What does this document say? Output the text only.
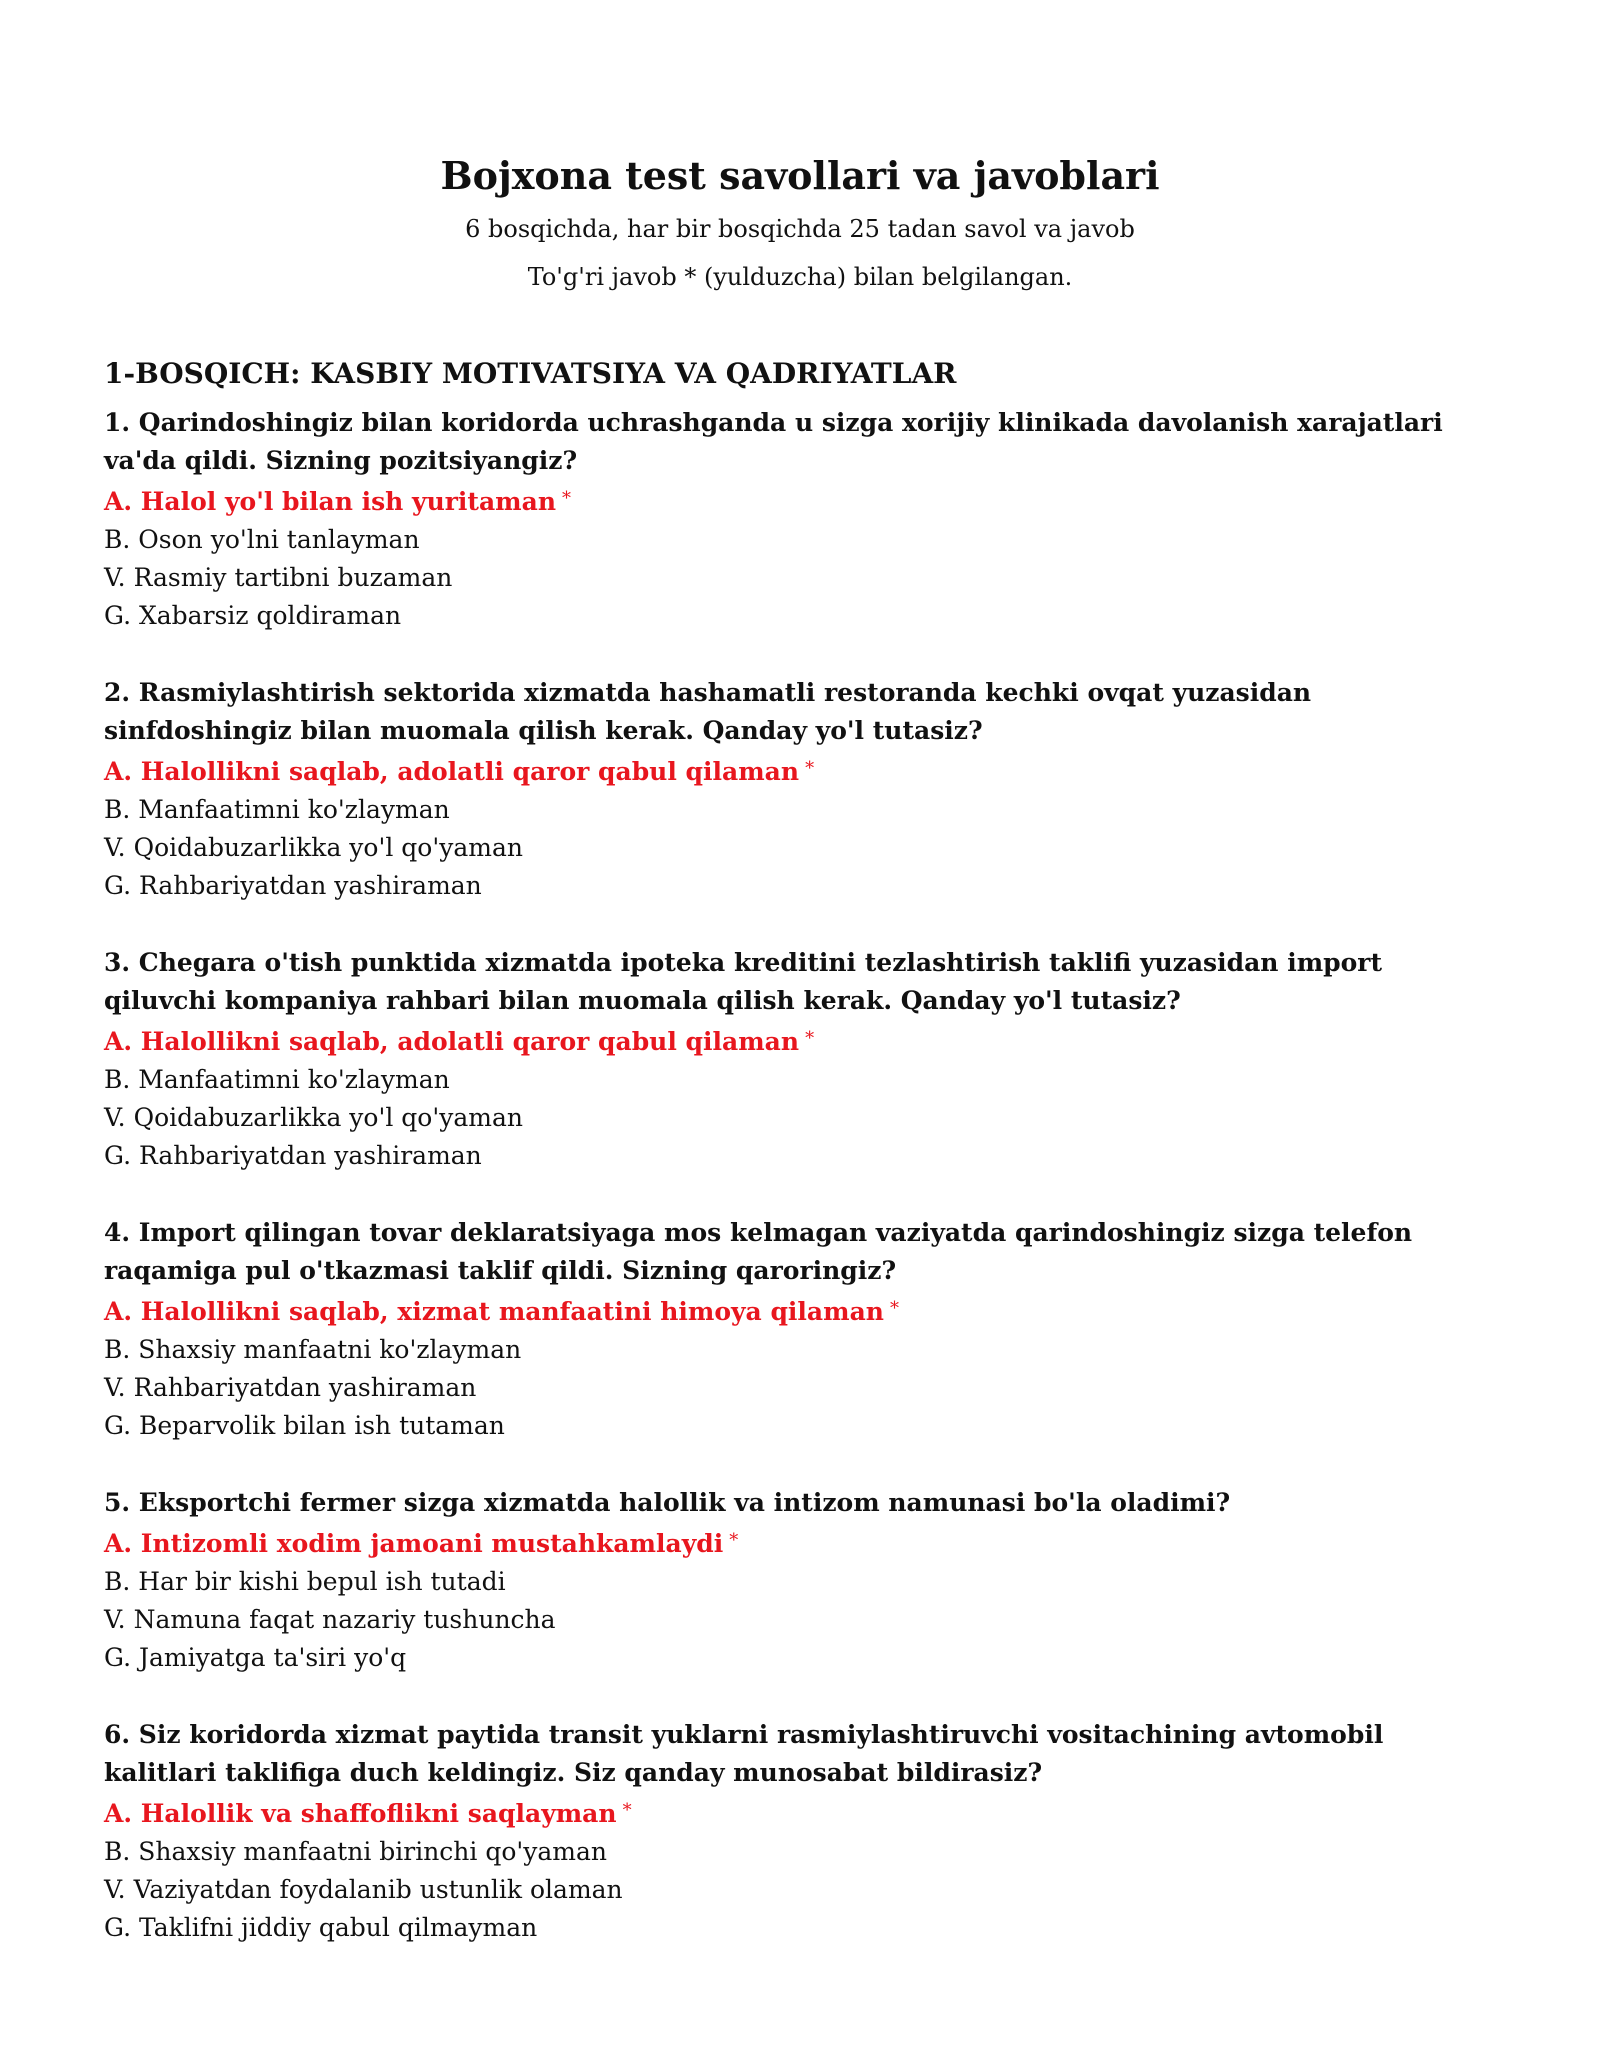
Bojxona test savollari va javoblari

6 bosqichda, har bir bosqichda 25 tadan savol va javob

To'g'ri javob * (yulduzcha) bilan belgilangan.

1-BOSQICH: KASBIY MOTIVATSIYA VA QADRIYATLAR

1. Qarindoshingiz bilan koridorda uchrashganda u sizga xorijiy klinikada davolanish xarajatlari va'da qildi. Sizning pozitsiyangiz?

A. Halol yo'l bilan ish yuritaman *

B. Oson yo'lni tanlayman

V. Rasmiy tartibni buzaman

G. Xabarsiz qoldiraman

2. Rasmiylashtirish sektorida xizmatda hashamatli restoranda kechki ovqat yuzasidan sinfdoshingiz bilan muomala qilish kerak. Qanday yo'l tutasiz?

A. Halollikni saqlab, adolatli qaror qabul qilaman *

B. Manfaatimni ko'zlayman

V. Qoidabuzarlikka yo'l qo'yaman

G. Rahbariyatdan yashiraman

3. Chegara o'tish punktida xizmatda ipoteka kreditini tezlashtirish taklifi yuzasidan import qiluvchi kompaniya rahbari bilan muomala qilish kerak. Qanday yo'l tutasiz?

A. Halollikni saqlab, adolatli qaror qabul qilaman *

B. Manfaatimni ko'zlayman

V. Qoidabuzarlikka yo'l qo'yaman

G. Rahbariyatdan yashiraman

4. Import qilingan tovar deklaratsiyaga mos kelmagan vaziyatda qarindoshingiz sizga telefon raqamiga pul o'tkazmasi taklif qildi. Sizning qaroringiz?

A. Halollikni saqlab, xizmat manfaatini himoya qilaman *

B. Shaxsiy manfaatni ko'zlayman

V. Rahbariyatdan yashiraman

G. Beparvolik bilan ish tutaman

5. Eksportchi fermer sizga xizmatda halollik va intizom namunasi bo'la oladimi?

A. Intizomli xodim jamoani mustahkamlaydi *

B. Har bir kishi bepul ish tutadi

V. Namuna faqat nazariy tushuncha

G. Jamiyatga ta'siri yo'q

6. Siz koridorda xizmat paytida transit yuklarni rasmiylashtiruvchi vositachining avtomobil kalitlari taklifiga duch keldingiz. Siz qanday munosabat bildirasiz?

A. Halollik va shaffoflikni saqlayman *

B. Shaxsiy manfaatni birinchi qo'yaman

V. Vaziyatdan foydalanib ustunlik olaman

G. Taklifni jiddiy qabul qilmayman
